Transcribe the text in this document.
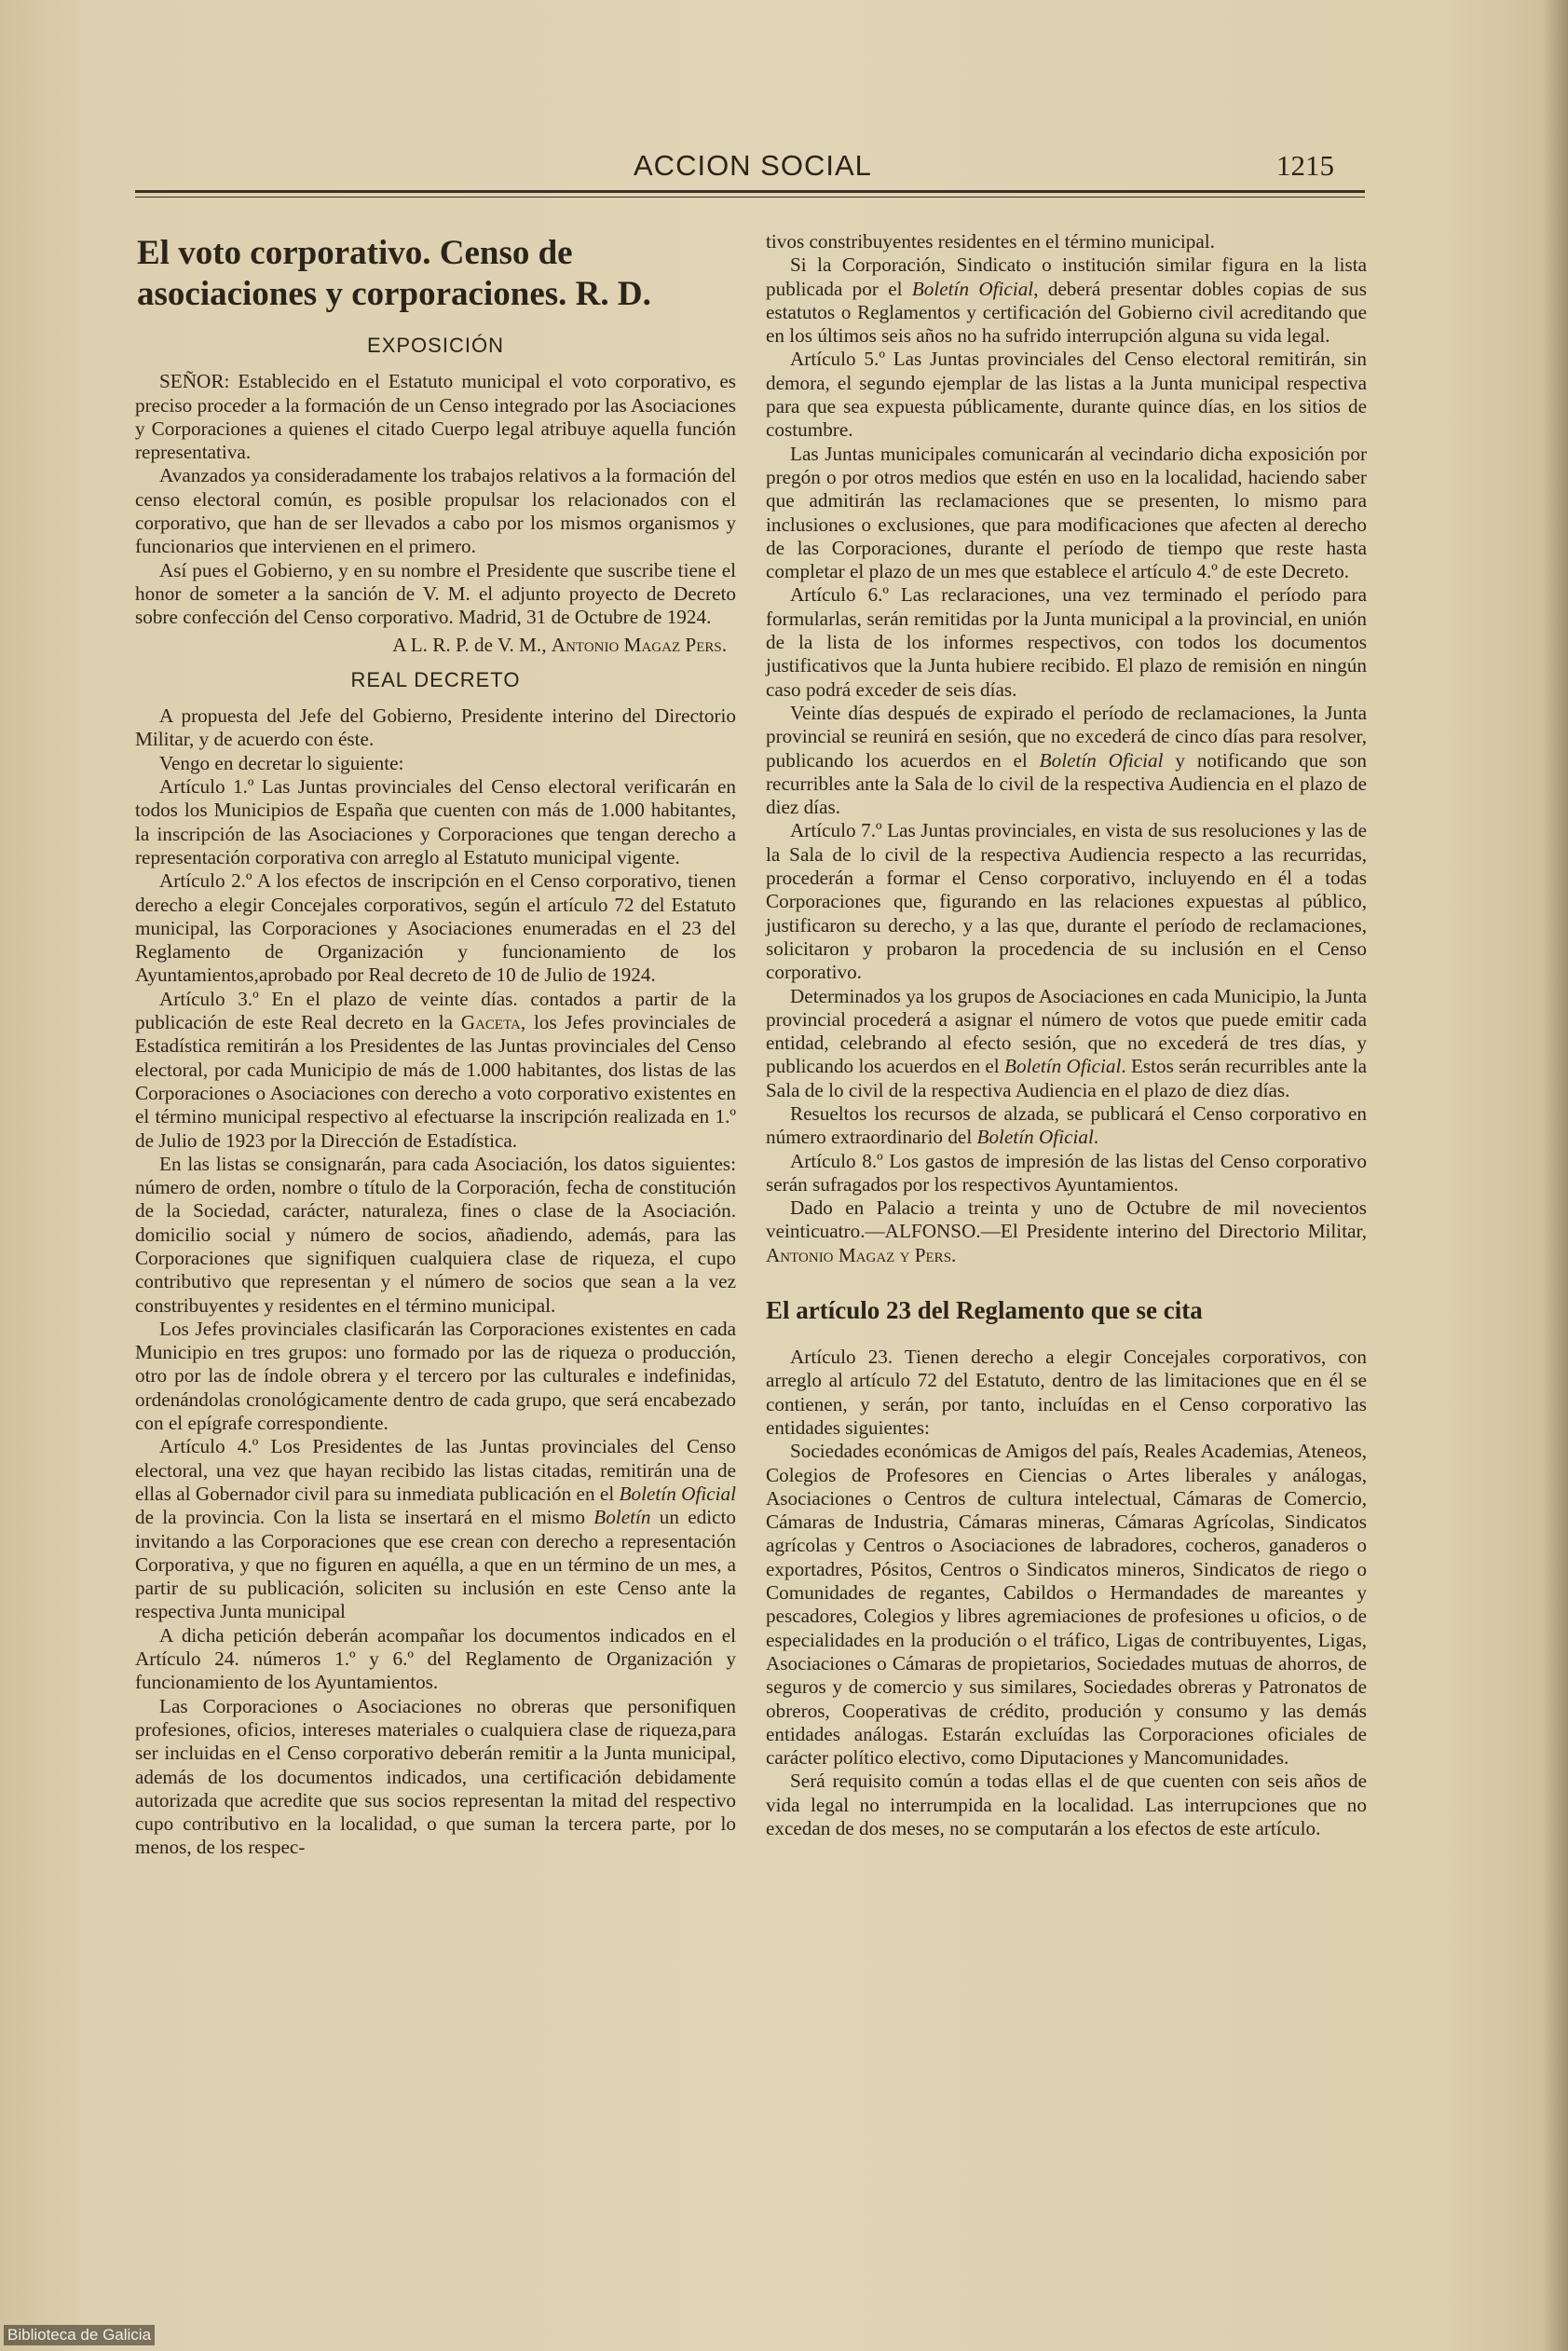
ACCION SOCIAL	1215
El voto corporativo. Censo de asociaciones y corporaciones. R. D.
EXPOSICIÓN

SEÑOR: Establecido en el Estatuto municipal el voto corporativo, es preciso proceder a la formación de un Censo integrado por las Asociaciones y Corporaciones a quienes el citado Cuerpo legal atribuye aquella función representativa.

Avanzados ya consideradamente los trabajos relativos a la formación del censo electoral común, es posible propulsar los relacionados con el corporativo, que han de ser llevados a cabo por los mismos organismos y funcionarios que intervienen en el primero.

Así pues el Gobierno, y en su nombre el Presidente que suscribe tiene el honor de someter a la sanción de V. M. el adjunto proyecto de Decreto sobre confección del Censo corporativo. Madrid, 31 de Octubre de 1924.

A L. R. P. de V. M., Antonio Magaz Pers.
REAL DECRETO

A propuesta del Jefe del Gobierno, Presidente interino del Directorio Militar, y de acuerdo con éste.

Vengo en decretar lo siguiente:

Artículo 1.º Las Juntas provinciales del Censo electoral verificarán en todos los Municipios de España que cuenten con más de 1.000 habitantes, la inscripción de las Asociaciones y Corporaciones que tengan derecho a representación corporativa con arreglo al Estatuto municipal vigente.

Artículo 2.º A los efectos de inscripción en el Censo corporativo, tienen derecho a elegir Concejales corporativos, según el artículo 72 del Estatuto municipal, las Corporaciones y Asociaciones enumeradas en el 23 del Reglamento de Organización y funcionamiento de los Ayuntamientos,aprobado por Real decreto de 10 de Julio de 1924.

Artículo 3.º En el plazo de veinte días. contados a partir de la publicación de este Real decreto en la Gaceta, los Jefes provinciales de Estadística remitirán a los Presidentes de las Juntas provinciales del Censo electoral, por cada Municipio de más de 1.000 habitantes, dos listas de las Corporaciones o Asociaciones con derecho a voto corporativo existentes en el término municipal respectivo al efectuarse la inscripción realizada en 1.º de Julio de 1923 por la Dirección de Estadística.

En las listas se consignarán, para cada Asociación, los datos siguientes: número de orden, nombre o título de la Corporación, fecha de constitución de la Sociedad, carácter, naturaleza, fines o clase de la Asociación. domicilio social y número de socios, añadiendo, además, para las Corporaciones que signifiquen cualquiera clase de riqueza, el cupo contributivo que representan y el número de socios que sean a la vez constribuyentes y residentes en el término municipal.

Los Jefes provinciales clasificarán las Corporaciones existentes en cada Municipio en tres grupos: uno formado por las de riqueza o producción, otro por las de índole obrera y el tercero por las culturales e indefinidas, ordenándolas cronológicamente dentro de cada grupo, que será encabezado con el epígrafe correspondiente.

Artículo 4.º Los Presidentes de las Juntas provinciales del Censo electoral, una vez que hayan recibido las listas citadas, remitirán una de ellas al Gobernador civil para su inmediata publicación en el Boletín Oficial de la provincia. Con la lista se insertará en el mismo Boletín un edicto invitando a las Corporaciones que ese crean con derecho a representación Corporativa, y que no figuren en aquélla, a que en un término de un mes, a partir de su publicación, soliciten su inclusión en este Censo ante la respectiva Junta municipal

A dicha petición deberán acompañar los documentos indicados en el Artículo 24. números 1.º y 6.º del Reglamento de Organización y funcionamiento de los Ayuntamientos.

Las Corporaciones o Asociaciones no obreras que personifiquen profesiones, oficios, intereses materiales o cualquiera clase de riqueza,para ser incluidas en el Censo corporativo deberán remitir a la Junta municipal, además de los documentos indicados, una certificación debidamente autorizada que acredite que sus socios representan la mitad del respectivo cupo contributivo en la localidad, o que suman la tercera parte, por lo menos, de los respec-

tivos constribuyentes residentes en el término municipal.

Si la Corporación, Sindicato o institución similar figura en la lista publicada por el Boletín Oficial, deberá presentar dobles copias de sus estatutos o Reglamentos y certificación del Gobierno civil acreditando que en los últimos seis años no ha sufrido interrupción alguna su vida legal.

Artículo 5.º Las Juntas provinciales del Censo electoral remitirán, sin demora, el segundo ejemplar de las listas a la Junta municipal respectiva para que sea expuesta públicamente, durante quince días, en los sitios de costumbre.

Las Juntas municipales comunicarán al vecindario dicha exposición por pregón o por otros medios que estén en uso en la localidad, haciendo saber que admitirán las reclamaciones que se presenten, lo mismo para inclusiones o exclusiones, que para modificaciones que afecten al derecho de las Corporaciones, durante el período de tiempo que reste hasta completar el plazo de un mes que establece el artículo 4.º de este Decreto.

Artículo 6.º Las reclaraciones, una vez terminado el período para formularlas, serán remitidas por la Junta municipal a la provincial, en unión de la lista de los informes respectivos, con todos los documentos justificativos que la Junta hubiere recibido. El plazo de remisión en ningún caso podrá exceder de seis días.

Veinte días después de expirado el período de reclamaciones, la Junta provincial se reunirá en sesión, que no excederá de cinco días para resolver, publicando los acuerdos en el Boletín Oficial y notificando que son recurribles ante la Sala de lo civil de la respectiva Audiencia en el plazo de diez días.

Artículo 7.º Las Juntas provinciales, en vista de sus resoluciones y las de la Sala de lo civil de la respectiva Audiencia respecto a las recurridas, procederán a formar el Censo corporativo, incluyendo en él a todas Corporaciones que, figurando en las relaciones expuestas al público, justificaron su derecho, y a las que, durante el período de reclamaciones, solicitaron y probaron la procedencia de su inclusión en el Censo corporativo.

Determinados ya los grupos de Asociaciones en cada Municipio, la Junta provincial procederá a asignar el número de votos que puede emitir cada entidad, celebrando al efecto sesión, que no excederá de tres días, y publicando los acuerdos en el Boletín Oficial. Estos serán recurribles ante la Sala de lo civil de la respectiva Audiencia en el plazo de diez días.

Resueltos los recursos de alzada, se publicará el Censo corporativo en número extraordinario del Boletín Oficial.

Artículo 8.º Los gastos de impresión de las listas del Censo corporativo serán sufragados por los respectivos Ayuntamientos.

Dado en Palacio a treinta y uno de Octubre de mil novecientos veinticuatro.—ALFONSO.—El Presidente interino del Directorio Militar, Antonio Magaz y Pers.

El artículo 23 del Reglamento que se cita

Artículo 23. Tienen derecho a elegir Concejales corporativos, con arreglo al artículo 72 del Estatuto, dentro de las limitaciones que en él se contienen, y serán, por tanto, incluídas en el Censo corporativo las entidades siguientes:

Sociedades económicas de Amigos del país, Reales Academias, Ateneos, Colegios de Profesores en Ciencias o Artes liberales y análogas, Asociaciones o Centros de cultura intelectual, Cámaras de Comercio, Cámaras de Industria, Cámaras mineras, Cámaras Agrícolas, Sindicatos agrícolas y Centros o Asociaciones de labradores, cocheros, ganaderos o exportadres, Pósitos, Centros o Sindicatos mineros, Sindicatos de riego o Comunidades de regantes, Cabildos o Hermandades de mareantes y pescadores, Colegios y libres agremiaciones de profesiones u oficios, o de especialidades en la produción o el tráfico, Ligas de contribuyentes, Ligas, Asociaciones o Cámaras de propietarios, Sociedades mutuas de ahorros, de seguros y de comercio y sus similares, Sociedades obreras y Patronatos de obreros, Cooperativas de crédito, produción y consumo y las demás entidades análogas. Estarán excluídas las Corporaciones oficiales de carácter político electivo, como Diputaciones y Mancomunidades.

Será requisito común a todas ellas el de que cuenten con seis años de vida legal no interrumpida en la localidad. Las interrupciones que no excedan de dos meses, no se computarán a los efectos de este artículo.

Biblioteca de Galicia
